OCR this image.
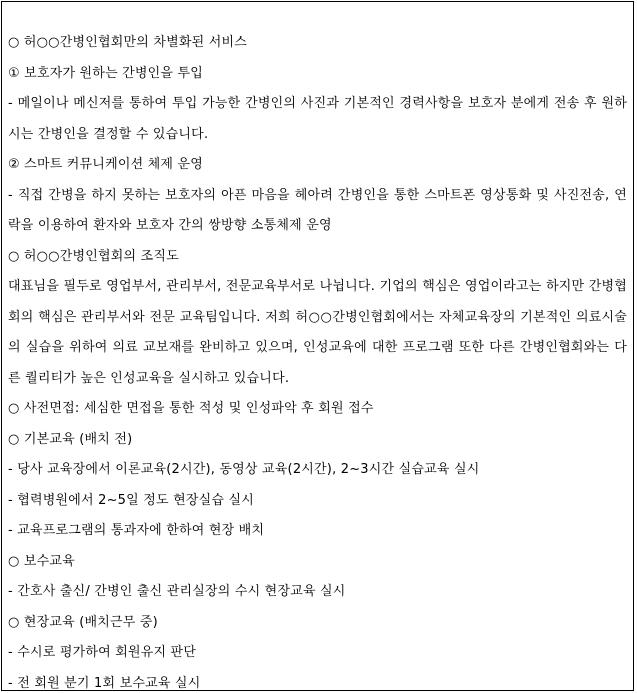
○ 허○○간병인협회만의 차별화된 서비스
① 보호자가 원하는 간병인을 투입
- 메일이나 메신저를 통하여 투입 가능한 간병인의 사진과 기본적인 경력사항을 보호자 분에게 전송 후 원하시는 간병인을 결정할 수 있습니다.
② 스마트 커뮤니케이션 체제 운영
- 직접 간병을 하지 못하는 보호자의 아픈 마음을 헤아려 간병인을 통한 스마트폰 영상통화 및 사진전송, 연락을 이용하여 환자와 보호자 간의 쌍방향 소통체제 운영
○ 허○○간병인협회의 조직도
대표님을 필두로 영업부서, 관리부서, 전문교육부서로 나뉩니다. 기업의 핵심은 영업이라고는 하지만 간병협회의 핵심은 관리부서와 전문 교육팀입니다. 저희 허○○간병인협회에서는 자체교육장의 기본적인 의료시술의 실습을 위하여 의료 교보재를 완비하고 있으며, 인성교육에 대한 프로그램 또한 다른 간병인협회와는 다른 퀄리티가 높은 인성교육을 실시하고 있습니다.
○ 사전면접: 세심한 면접을 통한 적성 및 인성파악 후 회원 접수
○ 기본교육 (배치 전)
- 당사 교육장에서 이론교육(2시간), 동영상 교육(2시간), 2~3시간 실습교육 실시
- 협력병원에서 2~5일 정도 현장실습 실시
- 교육프로그램의 통과자에 한하여 현장 배치
○ 보수교육
- 간호사 출신/ 간병인 출신 관리실장의 수시 현장교육 실시
○ 현장교육 (배치근무 중)
- 수시로 평가하여 회원유지 판단
- 전 회원 분기 1회 보수교육 실시
